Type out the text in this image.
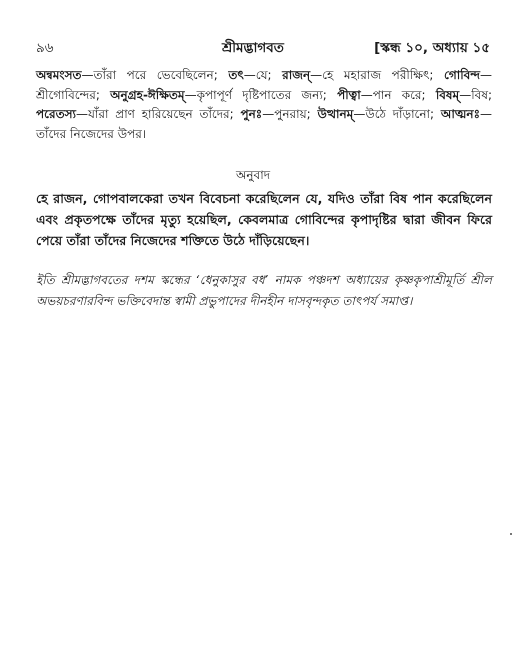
৯৬	শ্রীমদ্ভাগবত	[স্কন্ধ ১০, অধ্যায় ১৫
অন্বমংসত—তাঁরা পরে ভেবেছিলেন; তৎ—যে; রাজন্—হে মহারাজ পরীক্ষিৎ; গোবিন্দ—শ্রীগোবিন্দের; অনুগ্রহ-ঈক্ষিতম্—কৃপাপূর্ণ দৃষ্টিপাতের জন্য; পীত্বা—পান করে; বিষম্—বিষ; পরেতস্য—যাঁরা প্রাণ হারিয়েছেন তাঁদের; পুনঃ—পুনরায়; উত্থানম্—উঠে দাঁড়ানো; আত্মনঃ—তাঁদের নিজেদের উপর।
অনুবাদ
হে রাজন, গোপবালকেরা তখন বিবেচনা করেছিলেন যে, যদিও তাঁরা বিষ পান করেছিলেন এবং প্রকৃতপক্ষে তাঁদের মৃত্যু হয়েছিল, কেবলমাত্র গোবিন্দের কৃপাদৃষ্টির দ্বারা জীবন ফিরে পেয়ে তাঁরা তাঁদের নিজেদের শক্তিতে উঠে দাঁড়িয়েছেন।
ইতি শ্রীমদ্ভাগবতের দশম স্কন্ধের ‘ধেনুকাসুর বধ’ নামক পঞ্চদশ অধ্যায়ের কৃষ্ণকৃপাশ্রীমূর্তি শ্রীল অভয়চরণারবিন্দ ভক্তিবেদান্ত স্বামী প্রভুপাদের দীনহীন দাসবৃন্দকৃত তাৎপর্য সমাপ্ত।
